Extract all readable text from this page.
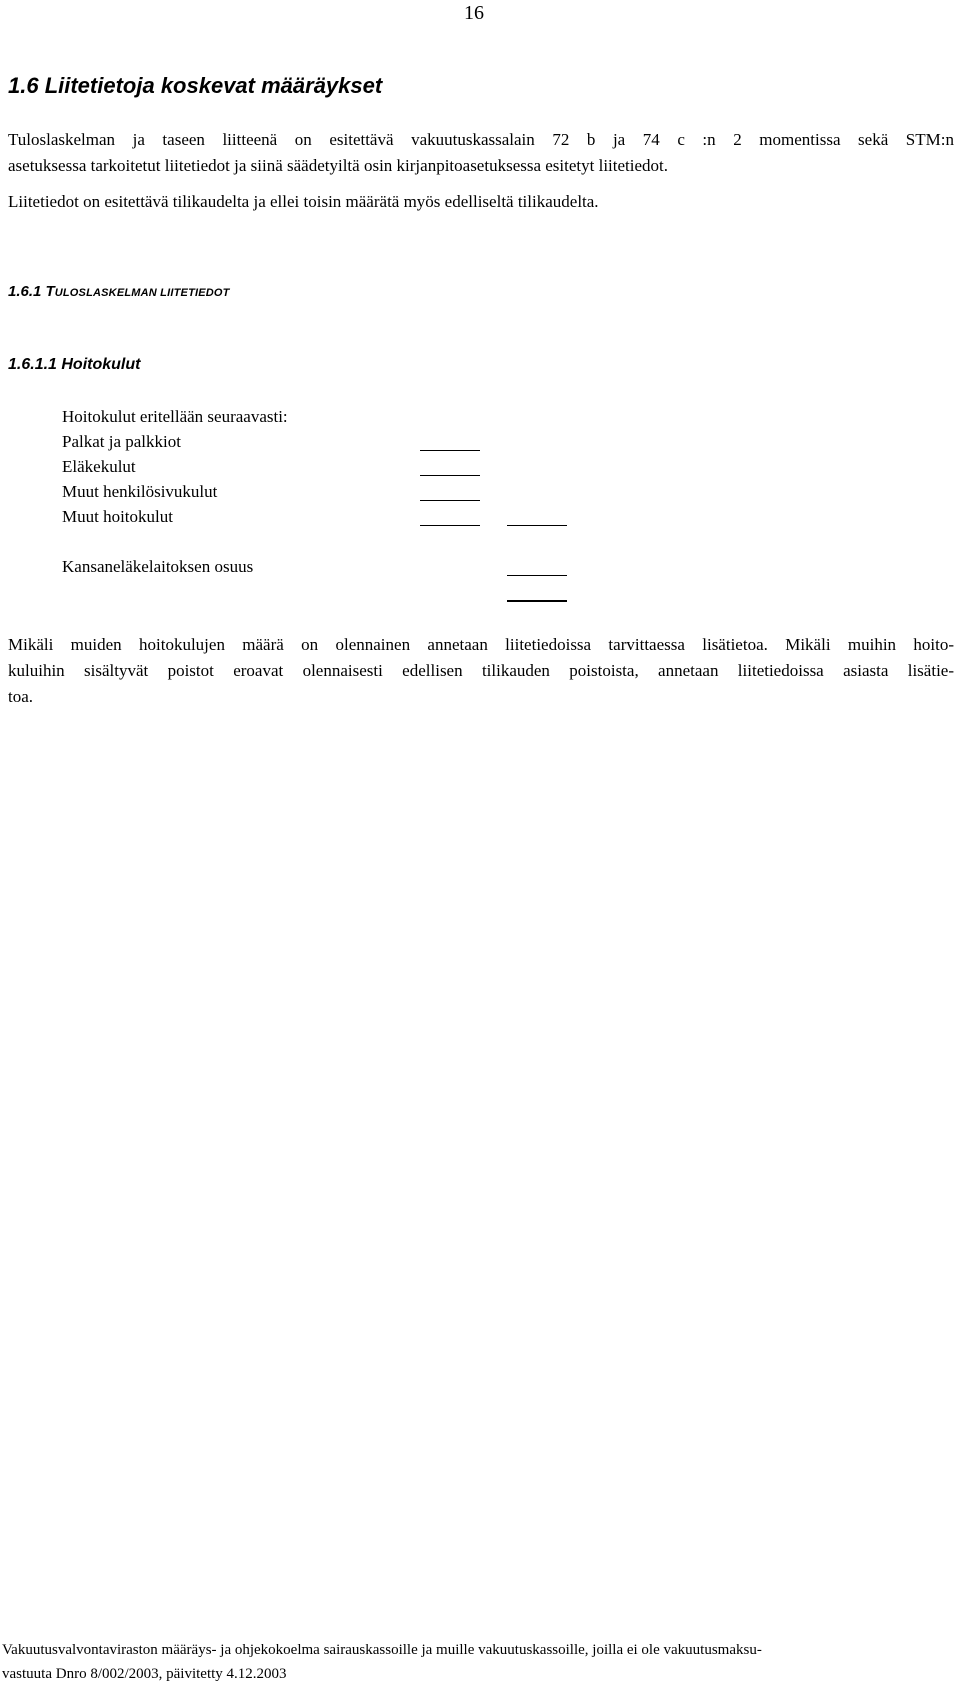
16
1.6 Liitetietoja koskevat määräykset
Tuloslaskelman ja taseen liitteenä on esitettävä vakuutuskassalain 72 b ja 74 c :n 2 momentissa sekä STM:n
asetuksessa tarkoitetut liitetiedot ja siinä säädetyiltä osin kirjanpitoasetuksessa esitetyt liitetiedot.
Liitetiedot on esitettävä tilikaudelta ja ellei toisin määrätä myös edelliseltä tilikaudelta.
1.6.1 TULOSLASKELMAN LIITETIEDOT
1.6.1.1 Hoitokulut
Hoitokulut eritellään seuraavasti:
Palkat ja palkkiot
Eläkekulut
Muut henkilösivukulut
Muut hoitokulut
Kansaneläkelaitoksen osuus
Mikäli muiden hoitokulujen määrä on olennainen annetaan liitetiedoissa tarvittaessa lisätietoa. Mikäli muihin hoito-
kuluihin sisältyvät poistot eroavat olennaisesti edellisen tilikauden poistoista, annetaan liitetiedoissa asiasta lisätie-
toa.
Vakuutusvalvontaviraston määräys- ja ohjekokoelma sairauskassoille ja muille vakuutuskassoille, joilla ei ole vakuutusmaksu-
vastuuta Dnro 8/002/2003, päivitetty 4.12.2003
